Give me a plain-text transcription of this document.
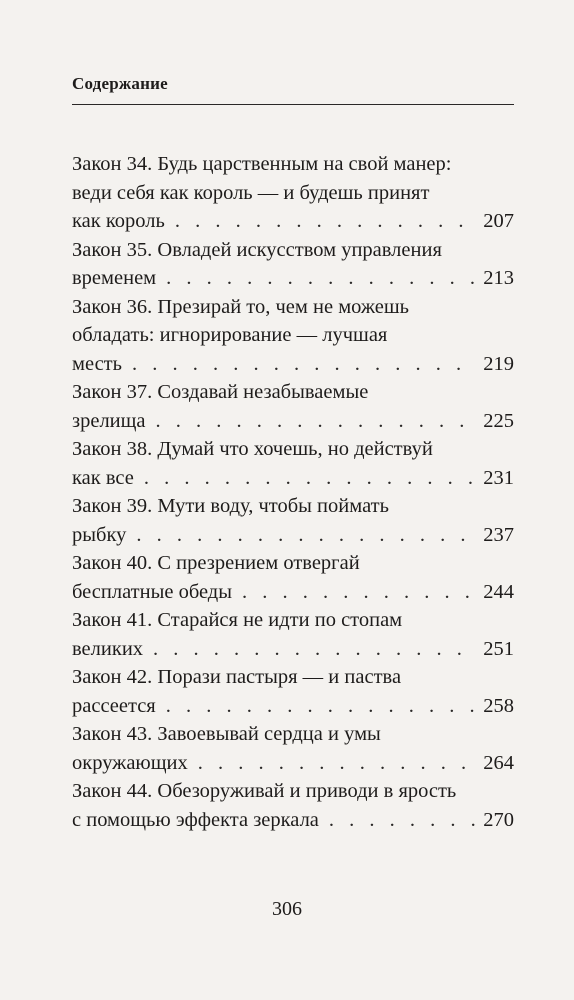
Содержание
Закон 34. Будь царственным на свой манер:
веди себя как король — и будешь принят
как король . . .	207
Закон 35. Овладей искусством управления
временем . . .	213
Закон 36. Презирай то, чем не можешь
обладать: игнорирование — лучшая
месть . . .	219
Закон 37. Создавай незабываемые
зрелища . . .	225
Закон 38. Думай что хочешь, но действуй
как все . . .	231
Закон 39. Мути воду, чтобы поймать
рыбку . . .	237
Закон 40. С презрением отвергай
бесплатные обеды . . .	244
Закон 41. Старайся не идти по стопам
великих . . .	251
Закон 42. Порази пастыря — и паства
рассеется . . .	258
Закон 43. Завоевывай сердца и умы
окружающих . . .	264
Закон 44. Обезоруживай и приводи в ярость
с помощью эффекта зеркала . . .	270
306
